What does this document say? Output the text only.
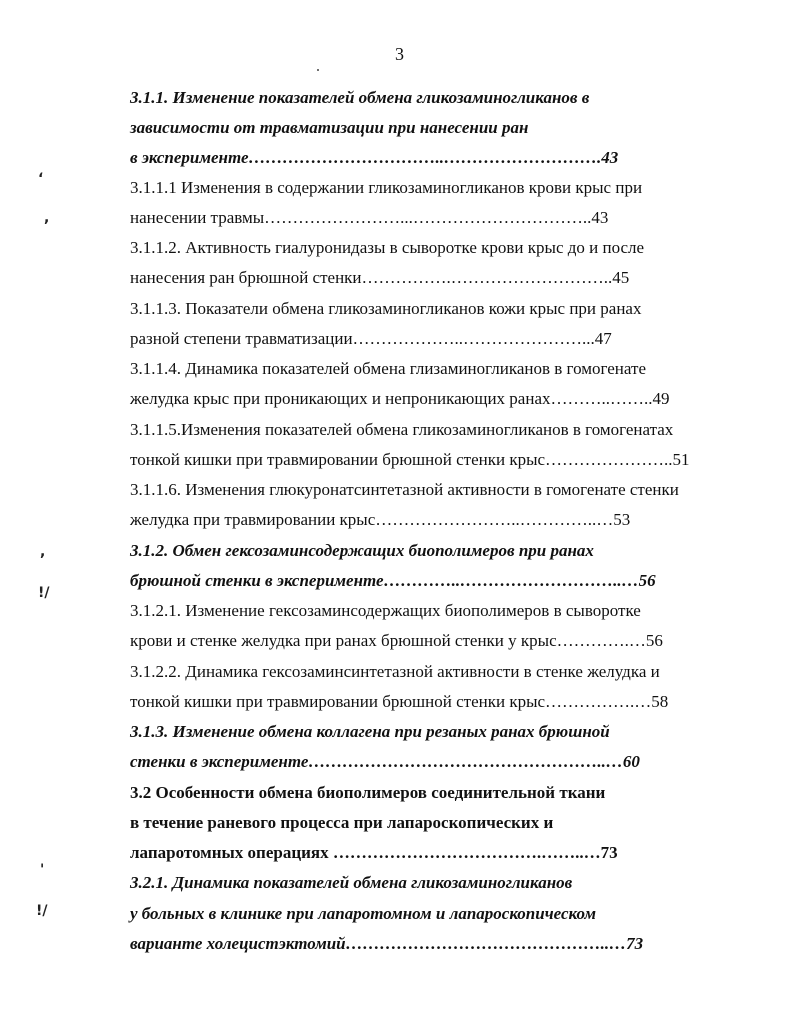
3
3.1.1. Изменение показателей обмена гликозаминогликанов в
зависимости от травматизации при нанесении ран
в эксперименте……………………………..……………………….43
3.1.1.1 Изменения в содержании гликозаминогликанов крови крыс при
нанесении травмы……………………...…………………………..43
3.1.1.2. Активность гиалуронидазы в сыворотке крови крыс до и после
нанесения ран брюшной стенки…………….………………………..45
3.1.1.3. Показатели обмена гликозаминогликанов кожи крыс при ранах
разной степени травматизации………………..…………………...47
3.1.1.4. Динамика показателей обмена глизаминогликанов в гомогенате
желудка крыс при проникающих и непроникающих ранах………..……..49
3.1.1.5.Изменения показателей обмена гликозаминогликанов в гомогенатах
тонкой кишки при травмировании брюшной стенки крыс…………………..51
3.1.1.6. Изменения глюкуронатсинтетазной активности в гомогенате стенки
желудка при травмировании крыс……………………..…………..…53
3.1.2. Обмен гексозаминсодержащих биополимеров при ранах
брюшной стенки в эксперименте…………..………………………..…56
3.1.2.1. Изменение гексозаминсодержащих биополимеров в сыворотке
крови и стенке желудка при ранах брюшной стенки у крыс………….…56
3.1.2.2. Динамика гексозаминсинтетазной активности в стенке желудка и
тонкой кишки при травмировании брюшной стенки крыс…………….…58
3.1.3. Изменение обмена коллагена при резаных ранах брюшной
стенки в эксперименте……………………………………………..…60
3.2 Особенности обмена биополимеров соединительной ткани
в течение раневого процесса при лапароскопических и
лапаротомных операциях ……………………………….……..…73
3.2.1. Динамика показателей обмена гликозаминогликанов
у больных в клинике при лапаротомном и лапароскопическом
варианте холецистэктомий………………………………………..…73
‘
,
,
!/
'
!/
